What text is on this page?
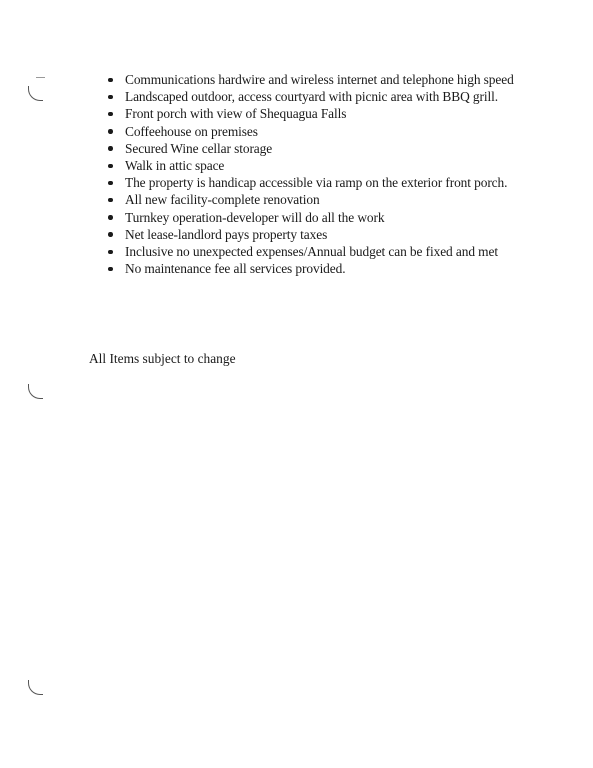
Communications hardwire and wireless internet and telephone high speed
Landscaped outdoor, access courtyard with picnic area with BBQ grill.
Front porch with view of Shequagua Falls
Coffeehouse on premises
Secured Wine cellar storage
Walk in attic space
The property is handicap accessible via ramp on the exterior front porch.
All new facility-complete renovation
Turnkey operation-developer will do all the work
Net lease-landlord pays property taxes
Inclusive no unexpected expenses/Annual budget can be fixed and met
No maintenance fee all services provided.
All Items subject to change
